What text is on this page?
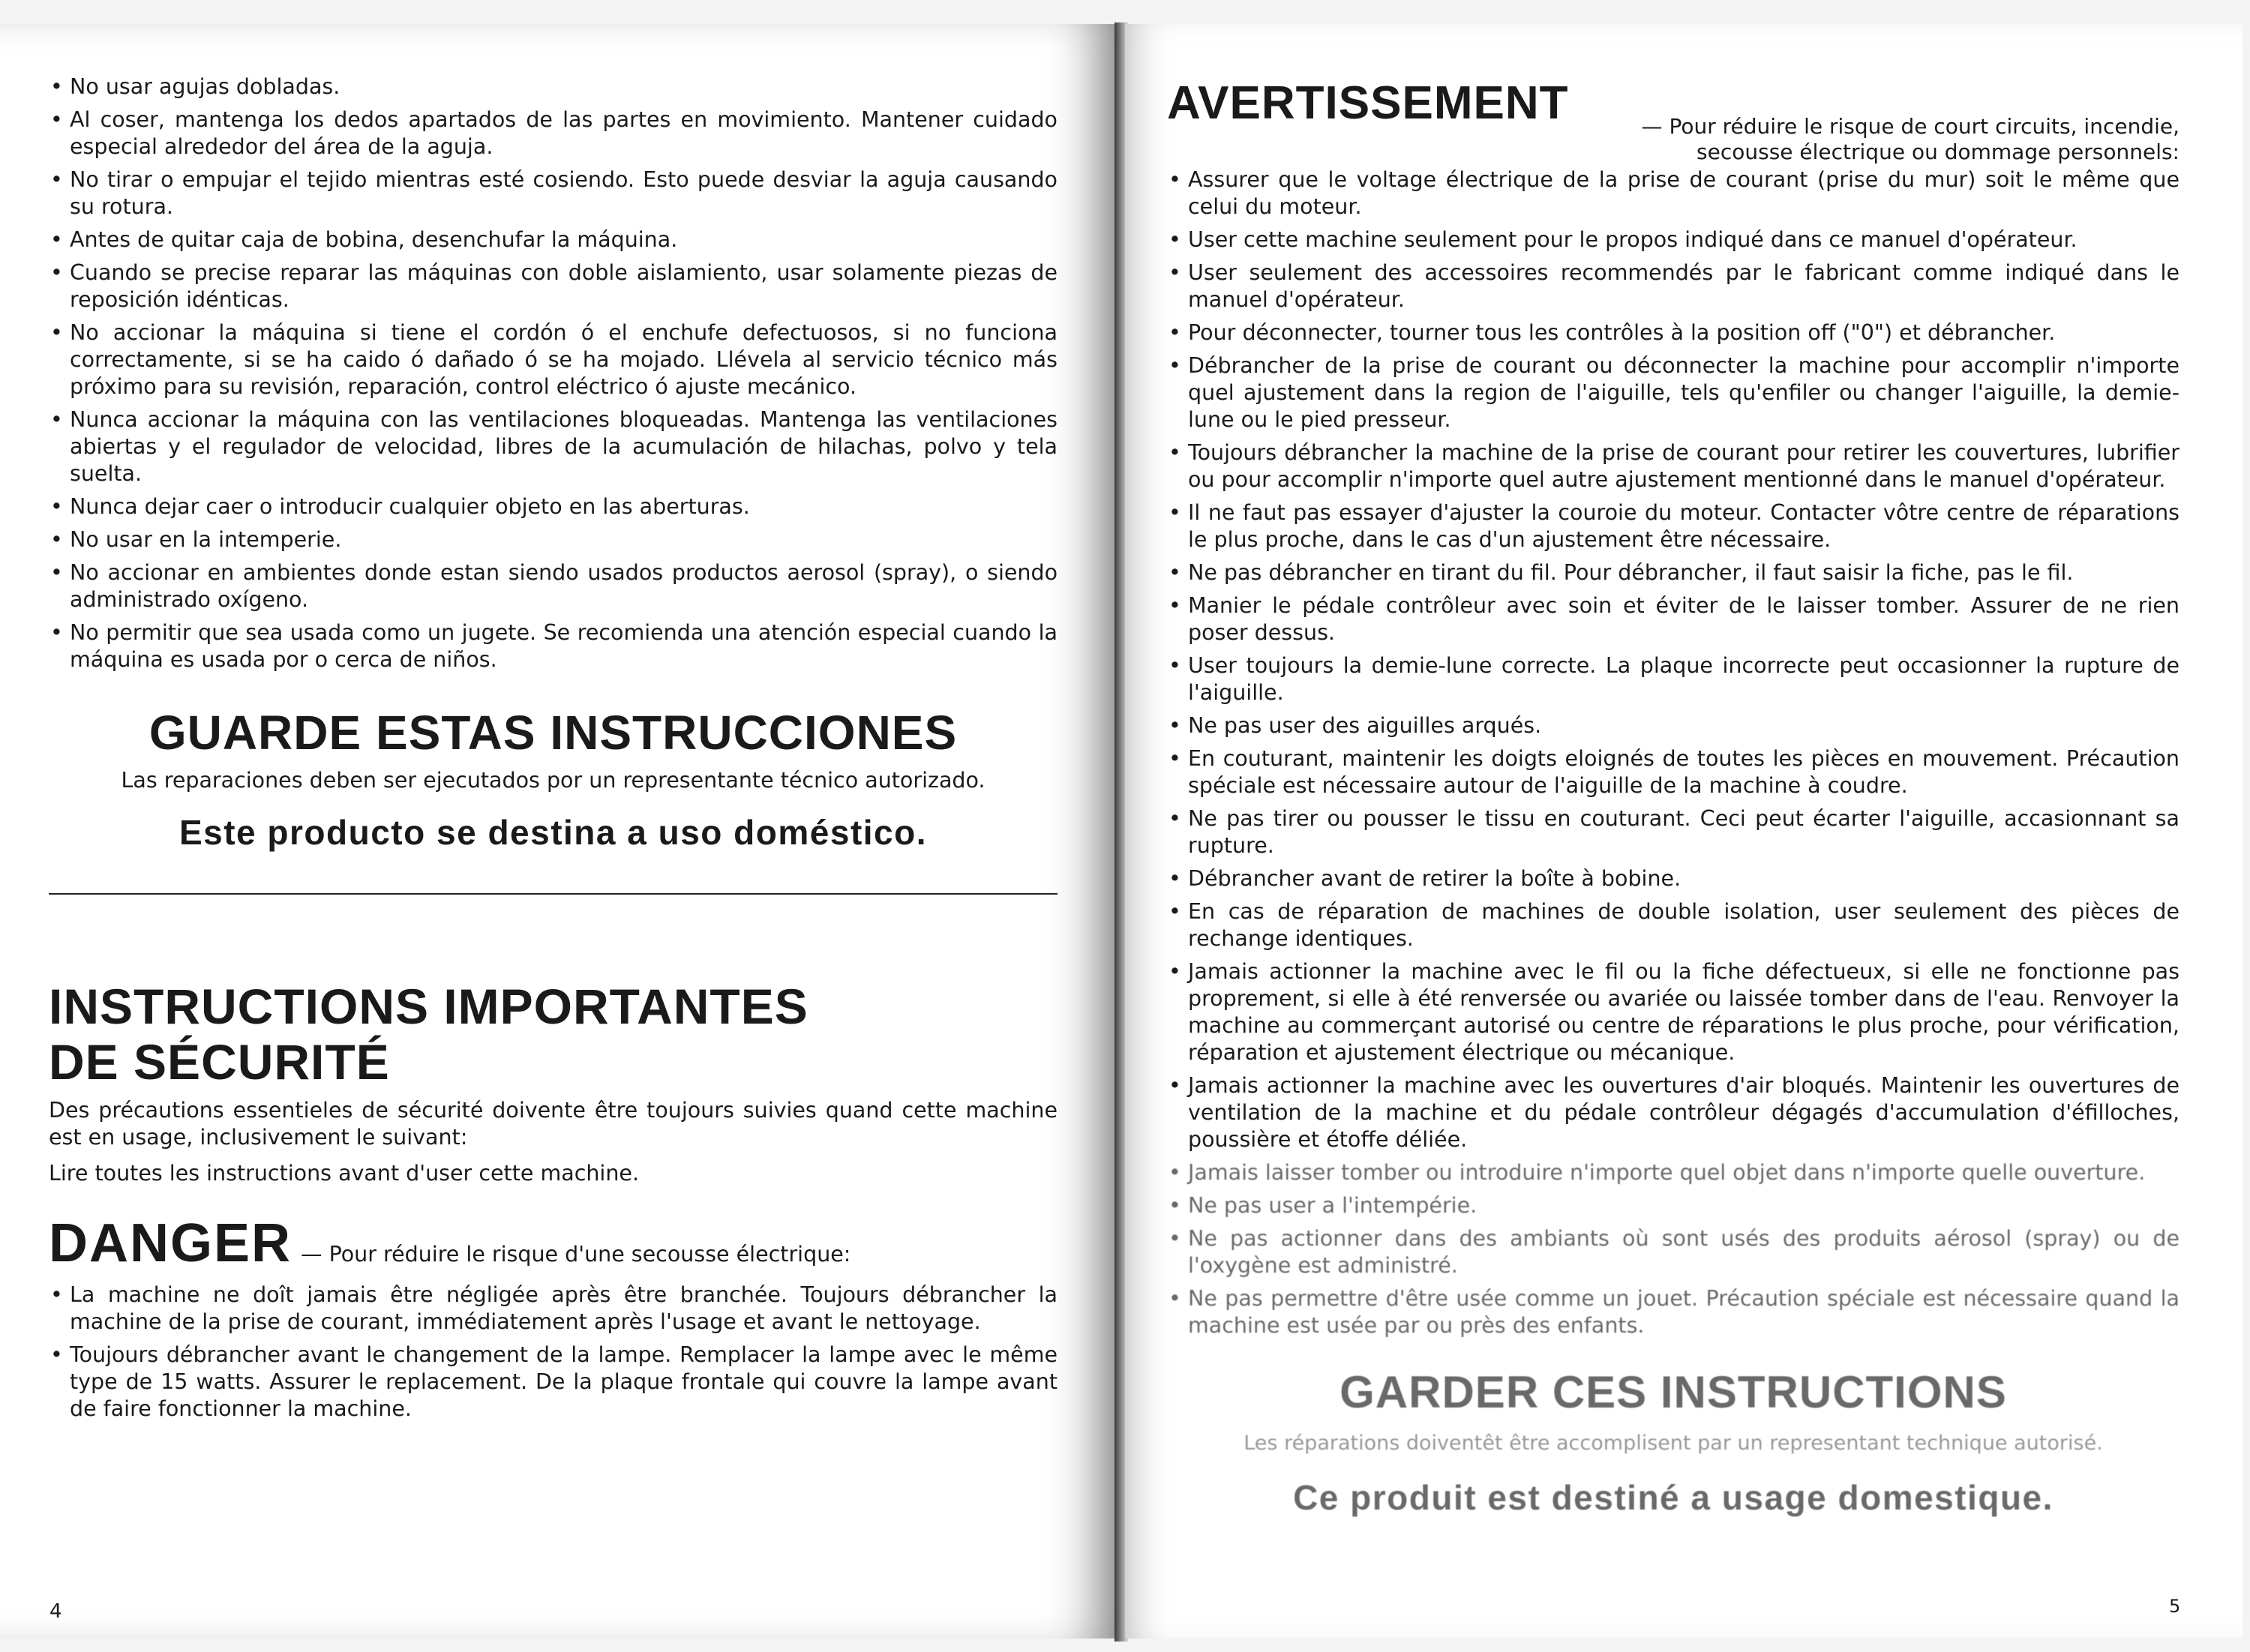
• No usar agujas dobladas.
• Al coser, mantenga los dedos apartados de las partes en movimiento. Mantener cuidado especial alrededor del área de la aguja.
• No tirar o empujar el tejido mientras esté cosiendo. Esto puede desviar la aguja causando su rotura.
• Antes de quitar caja de bobina, desenchufar la máquina.
• Cuando se precise reparar las máquinas con doble aislamiento, usar solamente piezas de reposición idénticas.
• No accionar la máquina si tiene el cordón ó el enchufe defectuosos, si no funciona correctamente, si se ha caido ó dañado ó se ha mojado. Llévela al servicio técnico más próximo para su revisión, reparación, control eléctrico ó ajuste mecánico.
• Nunca accionar la máquina con las ventilaciones bloqueadas. Mantenga las ventilaciones abiertas y el regulador de velocidad, libres de la acumulación de hilachas, polvo y tela suelta.
• Nunca dejar caer o introducir cualquier objeto en las aberturas.
• No usar en la intemperie.
• No accionar en ambientes donde estan siendo usados productos aerosol (spray), o siendo administrado oxígeno.
• No permitir que sea usada como un jugete. Se recomienda una atención especial cuando la máquina es usada por o cerca de niños.
GUARDE ESTAS INSTRUCCIONES
Las reparaciones deben ser ejecutados por un representante técnico autorizado.
Este producto se destina a uso doméstico.
INSTRUCTIONS IMPORTANTES
DE SÉCURITÉ
Des précautions essentieles de sécurité doivente être toujours suivies quand cette machine est en usage, inclusivement le suivant:
Lire toutes les instructions avant d'user cette machine.
DANGER — Pour réduire le risque d'une secousse électrique:
• La machine ne doît jamais être négligée après être branchée. Toujours débrancher la machine de la prise de courant, immédiatement après l'usage et avant le nettoyage.
• Toujours débrancher avant le changement de la lampe. Remplacer la lampe avec le même type de 15 watts. Assurer le replacement. De la plaque frontale qui couvre la lampe avant de faire fonctionner la machine.
4
AVERTISSEMENT	— Pour réduire le risque de court circuits, incendie, secousse électrique ou dommage personnels:
• Assurer que le voltage électrique de la prise de courant (prise du mur) soit le même que celui du moteur.
• User cette machine seulement pour le propos indiqué dans ce manuel d'opérateur.
• User seulement des accessoires recommendés par le fabricant comme indiqué dans le manuel d'opérateur.
• Pour déconnecter, tourner tous les contrôles à la position off ("0") et débrancher.
• Débrancher de la prise de courant ou déconnecter la machine pour accomplir n'importe quel ajustement dans la region de l'aiguille, tels qu'enfiler ou changer l'aiguille, la demie-lune ou le pied presseur.
• Toujours débrancher la machine de la prise de courant pour retirer les couvertures, lubrifier ou pour accomplir n'importe quel autre ajustement mentionné dans le manuel d'opérateur.
• Il ne faut pas essayer d'ajuster la couroie du moteur. Contacter vôtre centre de réparations le plus proche, dans le cas d'un ajustement être nécessaire.
• Ne pas débrancher en tirant du fil. Pour débrancher, il faut saisir la fiche, pas le fil.
• Manier le pédale contrôleur avec soin et éviter de le laisser tomber. Assurer de ne rien poser dessus.
• User toujours la demie-lune correcte. La plaque incorrecte peut occasionner la rupture de l'aiguille.
• Ne pas user des aiguilles arqués.
• En couturant, maintenir les doigts eloignés de toutes les pièces en mouvement. Précaution spéciale est nécessaire autour de l'aiguille de la machine à coudre.
• Ne pas tirer ou pousser le tissu en couturant. Ceci peut écarter l'aiguille, accasionnant sa rupture.
• Débrancher avant de retirer la boîte à bobine.
• En cas de réparation de machines de double isolation, user seulement des pièces de rechange identiques.
• Jamais actionner la machine avec le fil ou la fiche défectueux, si elle ne fonctionne pas proprement, si elle à été renversée ou avariée ou laissée tomber dans de l'eau. Renvoyer la machine au commerçant autorisé ou centre de réparations le plus proche, pour vérification, réparation et ajustement électrique ou mécanique.
• Jamais actionner la machine avec les ouvertures d'air bloqués. Maintenir les ouvertures de ventilation de la machine et du pédale contrôleur dégagés d'accumulation d'éfilloches, poussière et étoffe déliée.
• Jamais laisser tomber ou introduire n'importe quel objet dans n'importe quelle ouverture.
• Ne pas user a l'intempérie.
• Ne pas actionner dans des ambiants où sont usés des produits aérosol (spray) ou de l'oxygène est administré.
• Ne pas permettre d'être usée comme un jouet. Précaution spéciale est nécessaire quand la machine est usée par ou près des enfants.
GARDER CES INSTRUCTIONS
Les réparations doiventêt être accomplisent par un representant technique autorisé.
Ce produit est destiné a usage domestique.
5
